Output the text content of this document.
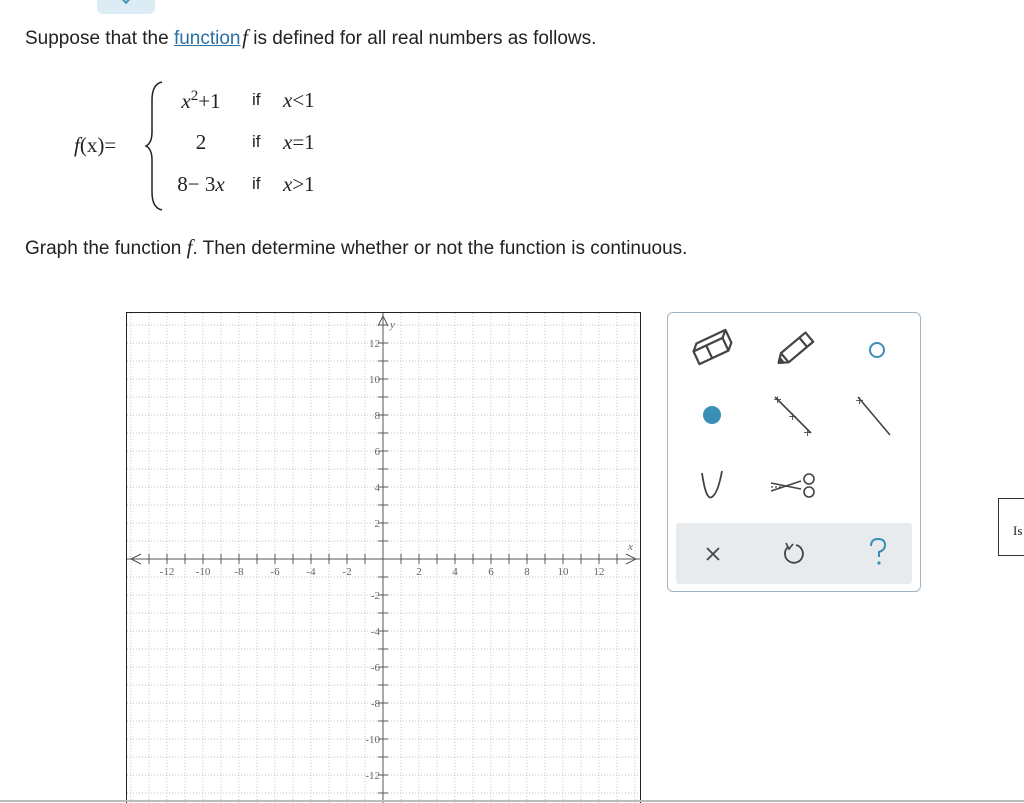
Suppose that the function f is defined for all real numbers as follows.
f(x)=
$x^2+1$	if x<1
2	if x=1
8− 3x	if x>1
Graph the function f. Then determine whether or not the function is continuous.
-12 -10 -8 -6 -4 -2	2	4	6	8	10 12
12
10
8
6
4
2
-2
-4
-6
-8
-10
-12
x
y
+
+
+
+
Is
